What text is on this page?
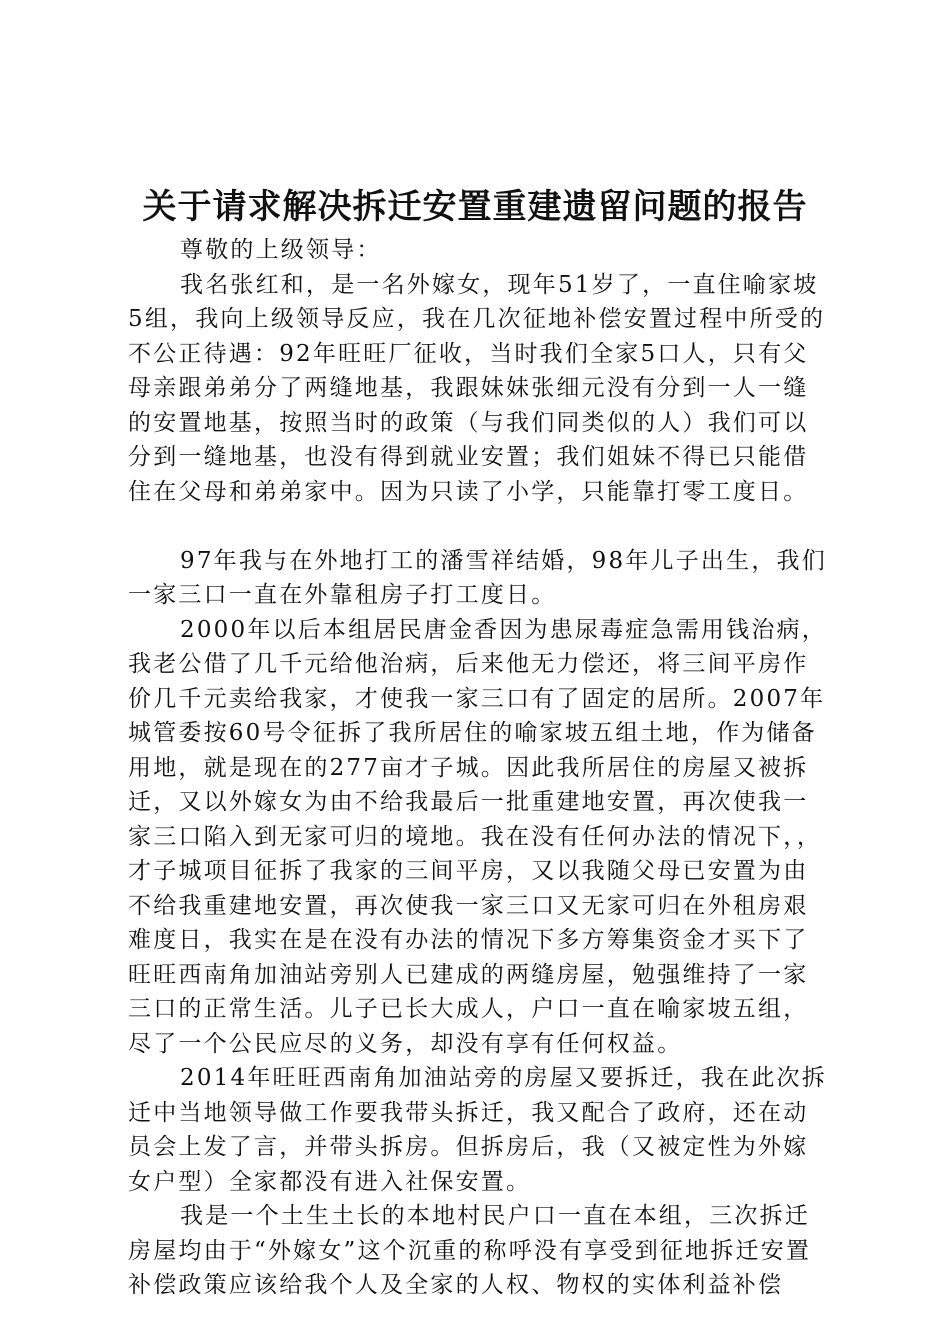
关于请求解决拆迁安置重建遗留问题的报告

尊敬的上级领导：

我名张红和，是一名外嫁女，现年51岁了，一直住喻家坡5组，我向上级领导反应，我在几次征地补偿安置过程中所受的不公正待遇：92年旺旺厂征收，当时我们全家5口人，只有父母亲跟弟弟分了两缝地基，我跟妹妹张细元没有分到一人一缝的安置地基，按照当时的政策（与我们同类似的人）我们可以分到一缝地基，也没有得到就业安置；我们姐妹不得已只能借住在父母和弟弟家中。因为只读了小学，只能靠打零工度日。

97年我与在外地打工的潘雪祥结婚，98年儿子出生，我们一家三口一直在外靠租房子打工度日。

2000年以后本组居民唐金香因为患尿毒症急需用钱治病，我老公借了几千元给他治病，后来他无力偿还，将三间平房作价几千元卖给我家，才使我一家三口有了固定的居所。2007年城管委按60号令征拆了我所居住的喻家坡五组土地，作为储备用地，就是现在的277亩才子城。因此我所居住的房屋又被拆迁，又以外嫁女为由不给我最后一批重建地安置，再次使我一家三口陷入到无家可归的境地。我在没有任何办法的情况下，，才子城项目征拆了我家的三间平房，又以我随父母已安置为由不给我重建地安置，再次使我一家三口又无家可归在外租房艰难度日，我实在是在没有办法的情况下多方筹集资金才买下了旺旺西南角加油站旁别人已建成的两缝房屋，勉强维持了一家三口的正常生活。儿子已长大成人，户口一直在喻家坡五组，尽了一个公民应尽的义务，却没有享有任何权益。

2014年旺旺西南角加油站旁的房屋又要拆迁，我在此次拆迁中当地领导做工作要我带头拆迁，我又配合了政府，还在动员会上发了言，并带头拆房。但拆房后，我（又被定性为外嫁女户型）全家都没有进入社保安置。

我是一个土生土长的本地村民户口一直在本组，三次拆迁房屋均由于“外嫁女”这个沉重的称呼没有享受到征地拆迁安置补偿政策应该给我个人及全家的人权、物权的实体利益补偿
